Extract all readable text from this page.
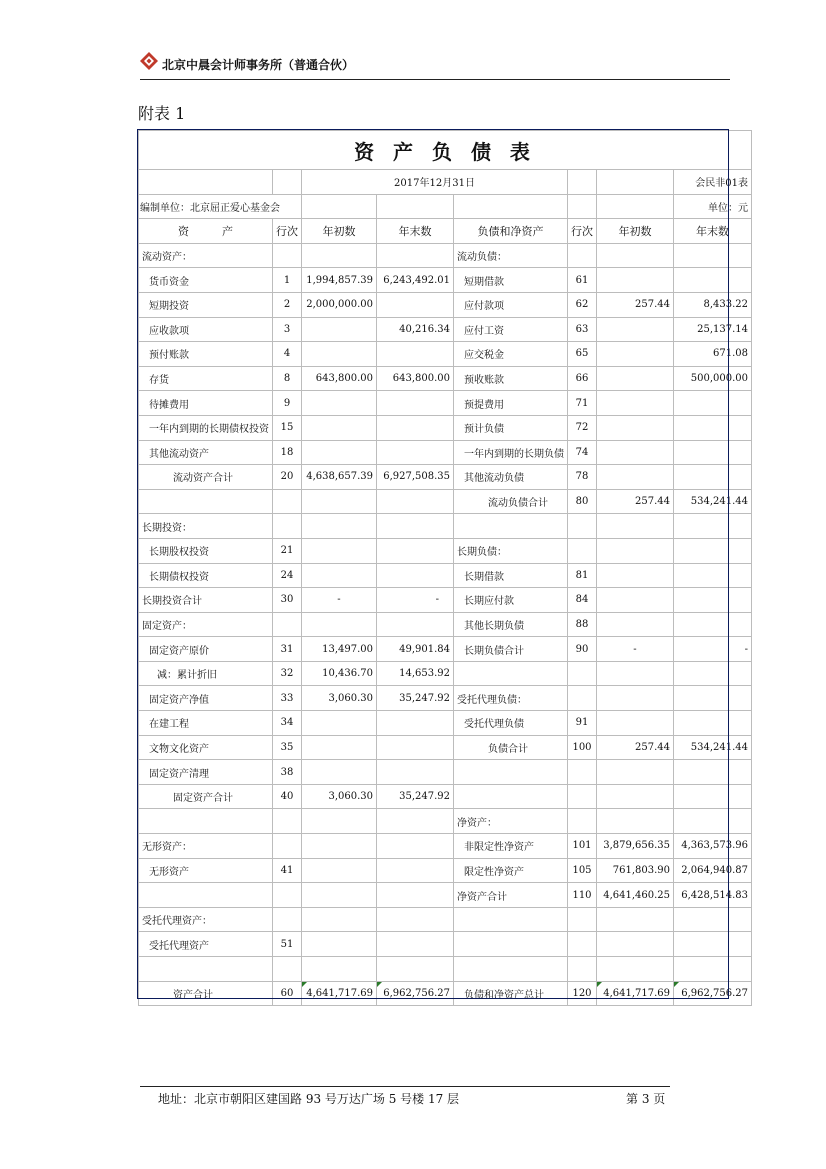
北京中晨会计师事务所（普通合伙）
附表 1
资 产 负 债 表							
		2017年12月31日					会民非01表
编制单位：北京屈正爱心基金会							单位：元
资　　　产	行次	年初数	年末数	负债和净资产	行次	年初数	年末数
流动资产：				流动负债：			
货币资金	1	1,994,857.39	6,243,492.01	短期借款	61		
短期投资	2	2,000,000.00		应付款项	62	257.44	8,433.22
应收款项	3		40,216.34	应付工资	63		25,137.14
预付账款	4			应交税金	65		671.08
存货	8	643,800.00	643,800.00	预收账款	66		500,000.00
待摊费用	9			预提费用	71		
一年内到期的长期债权投资	15			预计负债	72		
其他流动资产	18			一年内到期的长期负债	74		
流动资产合计	20	4,638,657.39	6,927,508.35	其他流动负债	78		
				流动负债合计	80	257.44	534,241.44
长期投资：							
长期股权投资	21			长期负债：			
长期债权投资	24			长期借款	81		
长期投资合计	30	-	-	长期应付款	84		
固定资产：				其他长期负债	88		
固定资产原价	31	13,497.00	49,901.84	长期负债合计	90	-	-
减：累计折旧	32	10,436.70	14,653.92				
固定资产净值	33	3,060.30	35,247.92	受托代理负债：			
在建工程	34			受托代理负债	91		
文物文化资产	35			负债合计	100	257.44	534,241.44
固定资产清理	38						
固定资产合计	40	3,060.30	35,247.92				
				净资产：			
无形资产：				非限定性净资产	101	3,879,656.35	4,363,573.96
无形资产	41			限定性净资产	105	761,803.90	2,064,940.87
				净资产合计	110	4,641,460.25	6,428,514.83
受托代理资产：							
受托代理资产	51						

资产合计	60	4,641,717.69	6,962,756.27	负债和净资产总计	120	4,641,717.69	6,962,756.27
地址：北京市朝阳区建国路 93 号万达广场 5 号楼 17 层	第 3 页
